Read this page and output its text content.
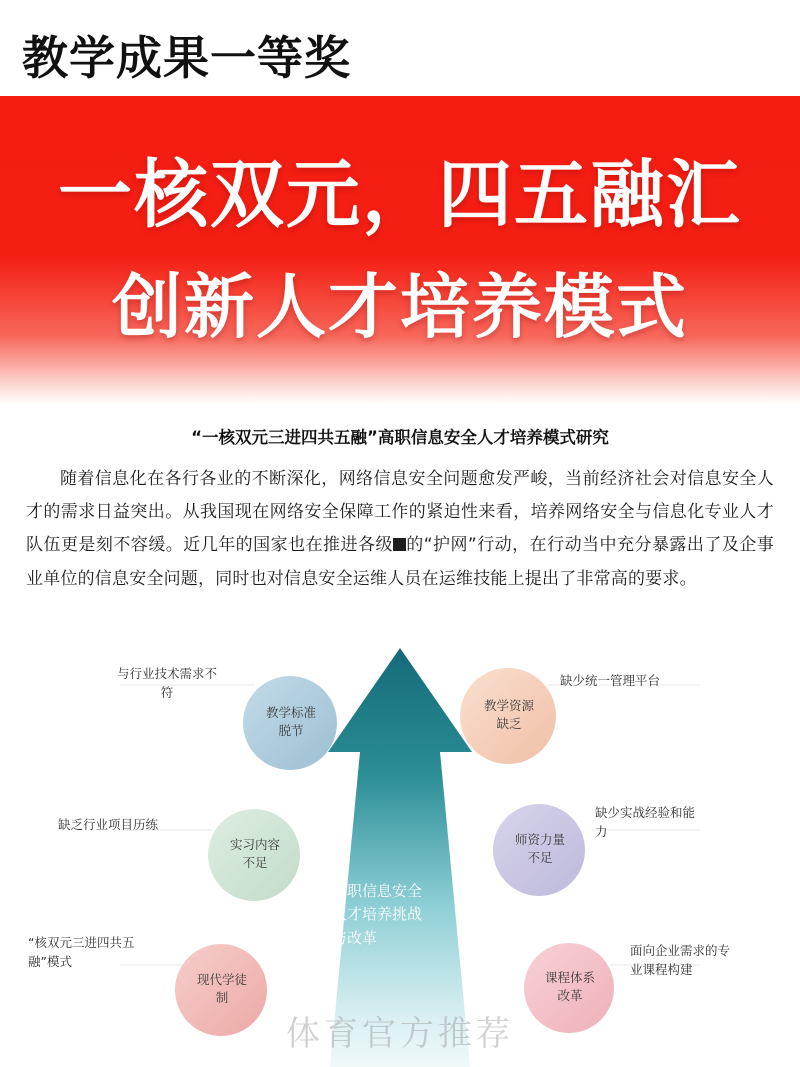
教学成果一等奖
一核双元，四五融汇
创新人才培养模式
“一核双元三进四共五融”高职信息安全人才培养模式研究
随着信息化在各行各业的不断深化，网络信息安全问题愈发严峻，当前经济社会对信息安全人才的需求日益突出。从我国现在网络安全保障工作的紧迫性来看，培养网络安全与信息化专业人才队伍更是刻不容缓。近几年的国家也在推进各级 的“护网”行动，在行动当中充分暴露出了及企事业单位的信息安全问题，同时也对信息安全运维人员在运维技能上提出了非常高的要求。
教学标准
脱节
教学资源
缺乏
实习内容
不足
师资力量
不足
现代学徒
制
课程体系
改革
与行业技术需求不
符
缺少统一管理平台
缺乏行业项目历练
缺少实战经验和能
力
“核双元三进四共五
融”模式
面向企业需求的专
业课程构建
高职信息安全
人才培养挑战
与改革
体育官方推荐
